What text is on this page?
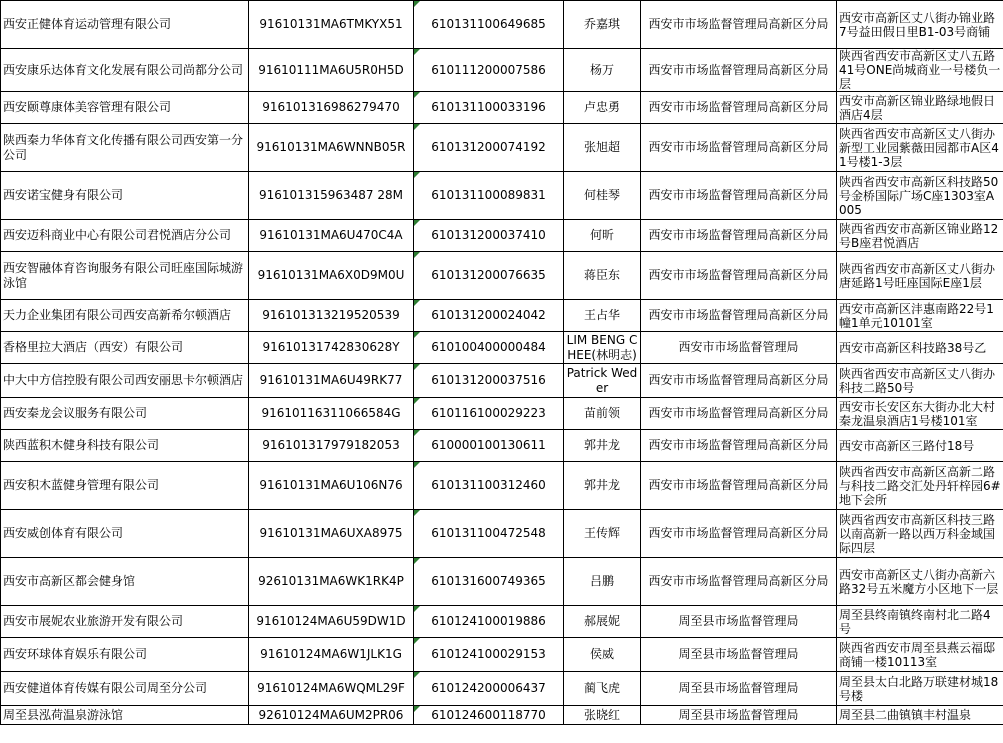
西安正健体育运动管理有限公司	91610131MA6TMKYX51	610131100649685	乔嘉琪	西安市市场监督管理局高新区分局	西安市高新区丈八街办锦业路7号益田假日里B1-03号商铺
西安康乐达体育文化发展有限公司尚都分公司	91610111MA6U5R0H5D	610111200007586	杨万	西安市市场监督管理局高新区分局	陕西省西安市高新区丈八五路41号ONE尚城商业一号楼负一层
西安颐尊康体美容管理有限公司	916101316986279470	610131100033196	卢忠勇	西安市市场监督管理局高新区分局	西安市高新区锦业路绿地假日酒店4层
陕西秦力华体育文化传播有限公司西安第一分公司	91610131MA6WNNB05R	610131200074192	张旭超	西安市市场监督管理局高新区分局	陕西省西安市高新区丈八街办新型工业园紫薇田园都市A区41号楼1-3层
西安诺宝健身有限公司	916101315963487 28M	610131100089831	何桂琴	西安市市场监督管理局高新区分局	陕西省西安市高新区科技路50号金桥国际广场C座1303室A005
西安迈科商业中心有限公司君悦酒店分公司	91610131MA6U470C4A	610131200037410	何昕	西安市市场监督管理局高新区分局	陕西省西安市高新区锦业路12号B座君悦酒店
西安智融体育咨询服务有限公司旺座国际城游泳馆	91610131MA6X0D9M0U	610131200076635	蒋臣东	西安市市场监督管理局高新区分局	陕西省西安市高新区丈八街办唐延路1号旺座国际E座1层
天力企业集团有限公司西安高新希尔顿酒店	916101313219520539	610131200024042	王占华	西安市市场监督管理局高新区分局	西安市高新区沣惠南路22号1幢1单元10101室
香格里拉大酒店（西安）有限公司	91610131742830628Y	610100400000484	LIM BENG CHEE(林明志)	西安市市场监督管理局	西安市高新区科技路38号乙
中大中方信控股有限公司西安丽思卡尔顿酒店	91610131MA6U49RK77	610131200037516	Patrick Weder	西安市市场监督管理局高新区分局	陕西省西安市高新区丈八街办科技二路50号
西安秦龙会议服务有限公司	91610116311066584G	610116100029223	苗前领	西安市市场监督管理局高新区分局	西安市长安区东大街办北大村秦龙温泉酒店1号楼101室
陕西蓝积木健身科技有限公司	916101317979182053	610000100130611	郭井龙	西安市市场监督管理局高新区分局	西安市高新区三路付18号
西安积木蓝健身管理有限公司	91610131MA6U106N76	610131100312460	郭井龙	西安市市场监督管理局高新区分局	陕西省西安市高新区高新二路与科技二路交汇处丹轩梓园6#地下会所
西安威创体育有限公司	91610131MA6UXA8975	610131100472548	王传辉	西安市市场监督管理局高新区分局	陕西省西安市高新区科技三路以南高新一路以西万科金域国际四层
西安市高新区都会健身馆	92610131MA6WK1RK4P	610131600749365	吕鹏	西安市市场监督管理局高新区分局	西安市高新区丈八街办高新六路32号五米魔方小区地下一层
西安市展妮农业旅游开发有限公司	91610124MA6U59DW1D	610124100019886	郝展妮	周至县市场监督管理局	周至县终南镇终南村北二路4号
西安环球体育娱乐有限公司	91610124MA6W1JLK1G	610124100029153	侯威	周至县市场监督管理局	陕西省西安市周至县燕云福邸商铺一楼10113室
西安健道体育传媒有限公司周至分公司	91610124MA6WQML29F	610124200006437	蔺飞虎	周至县市场监督管理局	周至县太白北路万联建材城18号楼
周至县泓荷温泉游泳馆	92610124MA6UM2PR06	610124600118770	张晓红	周至县市场监督管理局	周至县二曲镇镇丰村温泉
